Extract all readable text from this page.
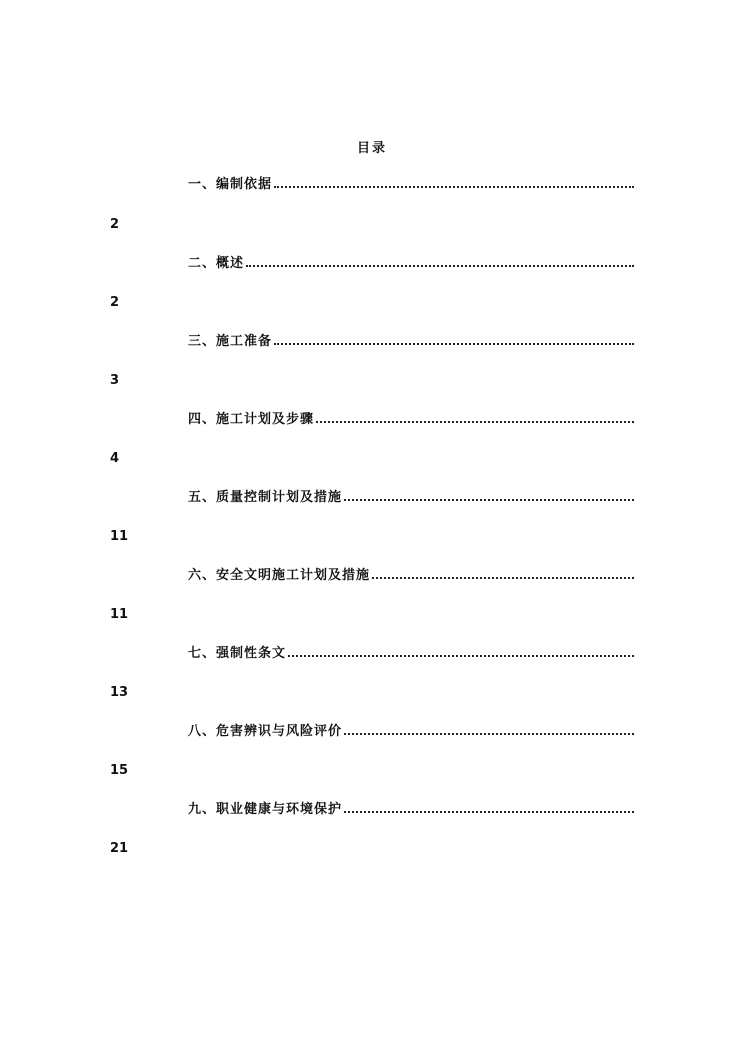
目录
一、编制依据
2
二、概述
2
三、施工准备
3
四、施工计划及步骤
4
五、质量控制计划及措施
11
六、安全文明施工计划及措施
11
七、强制性条文
13
八、危害辨识与风险评价
15
九、职业健康与环境保护
21
